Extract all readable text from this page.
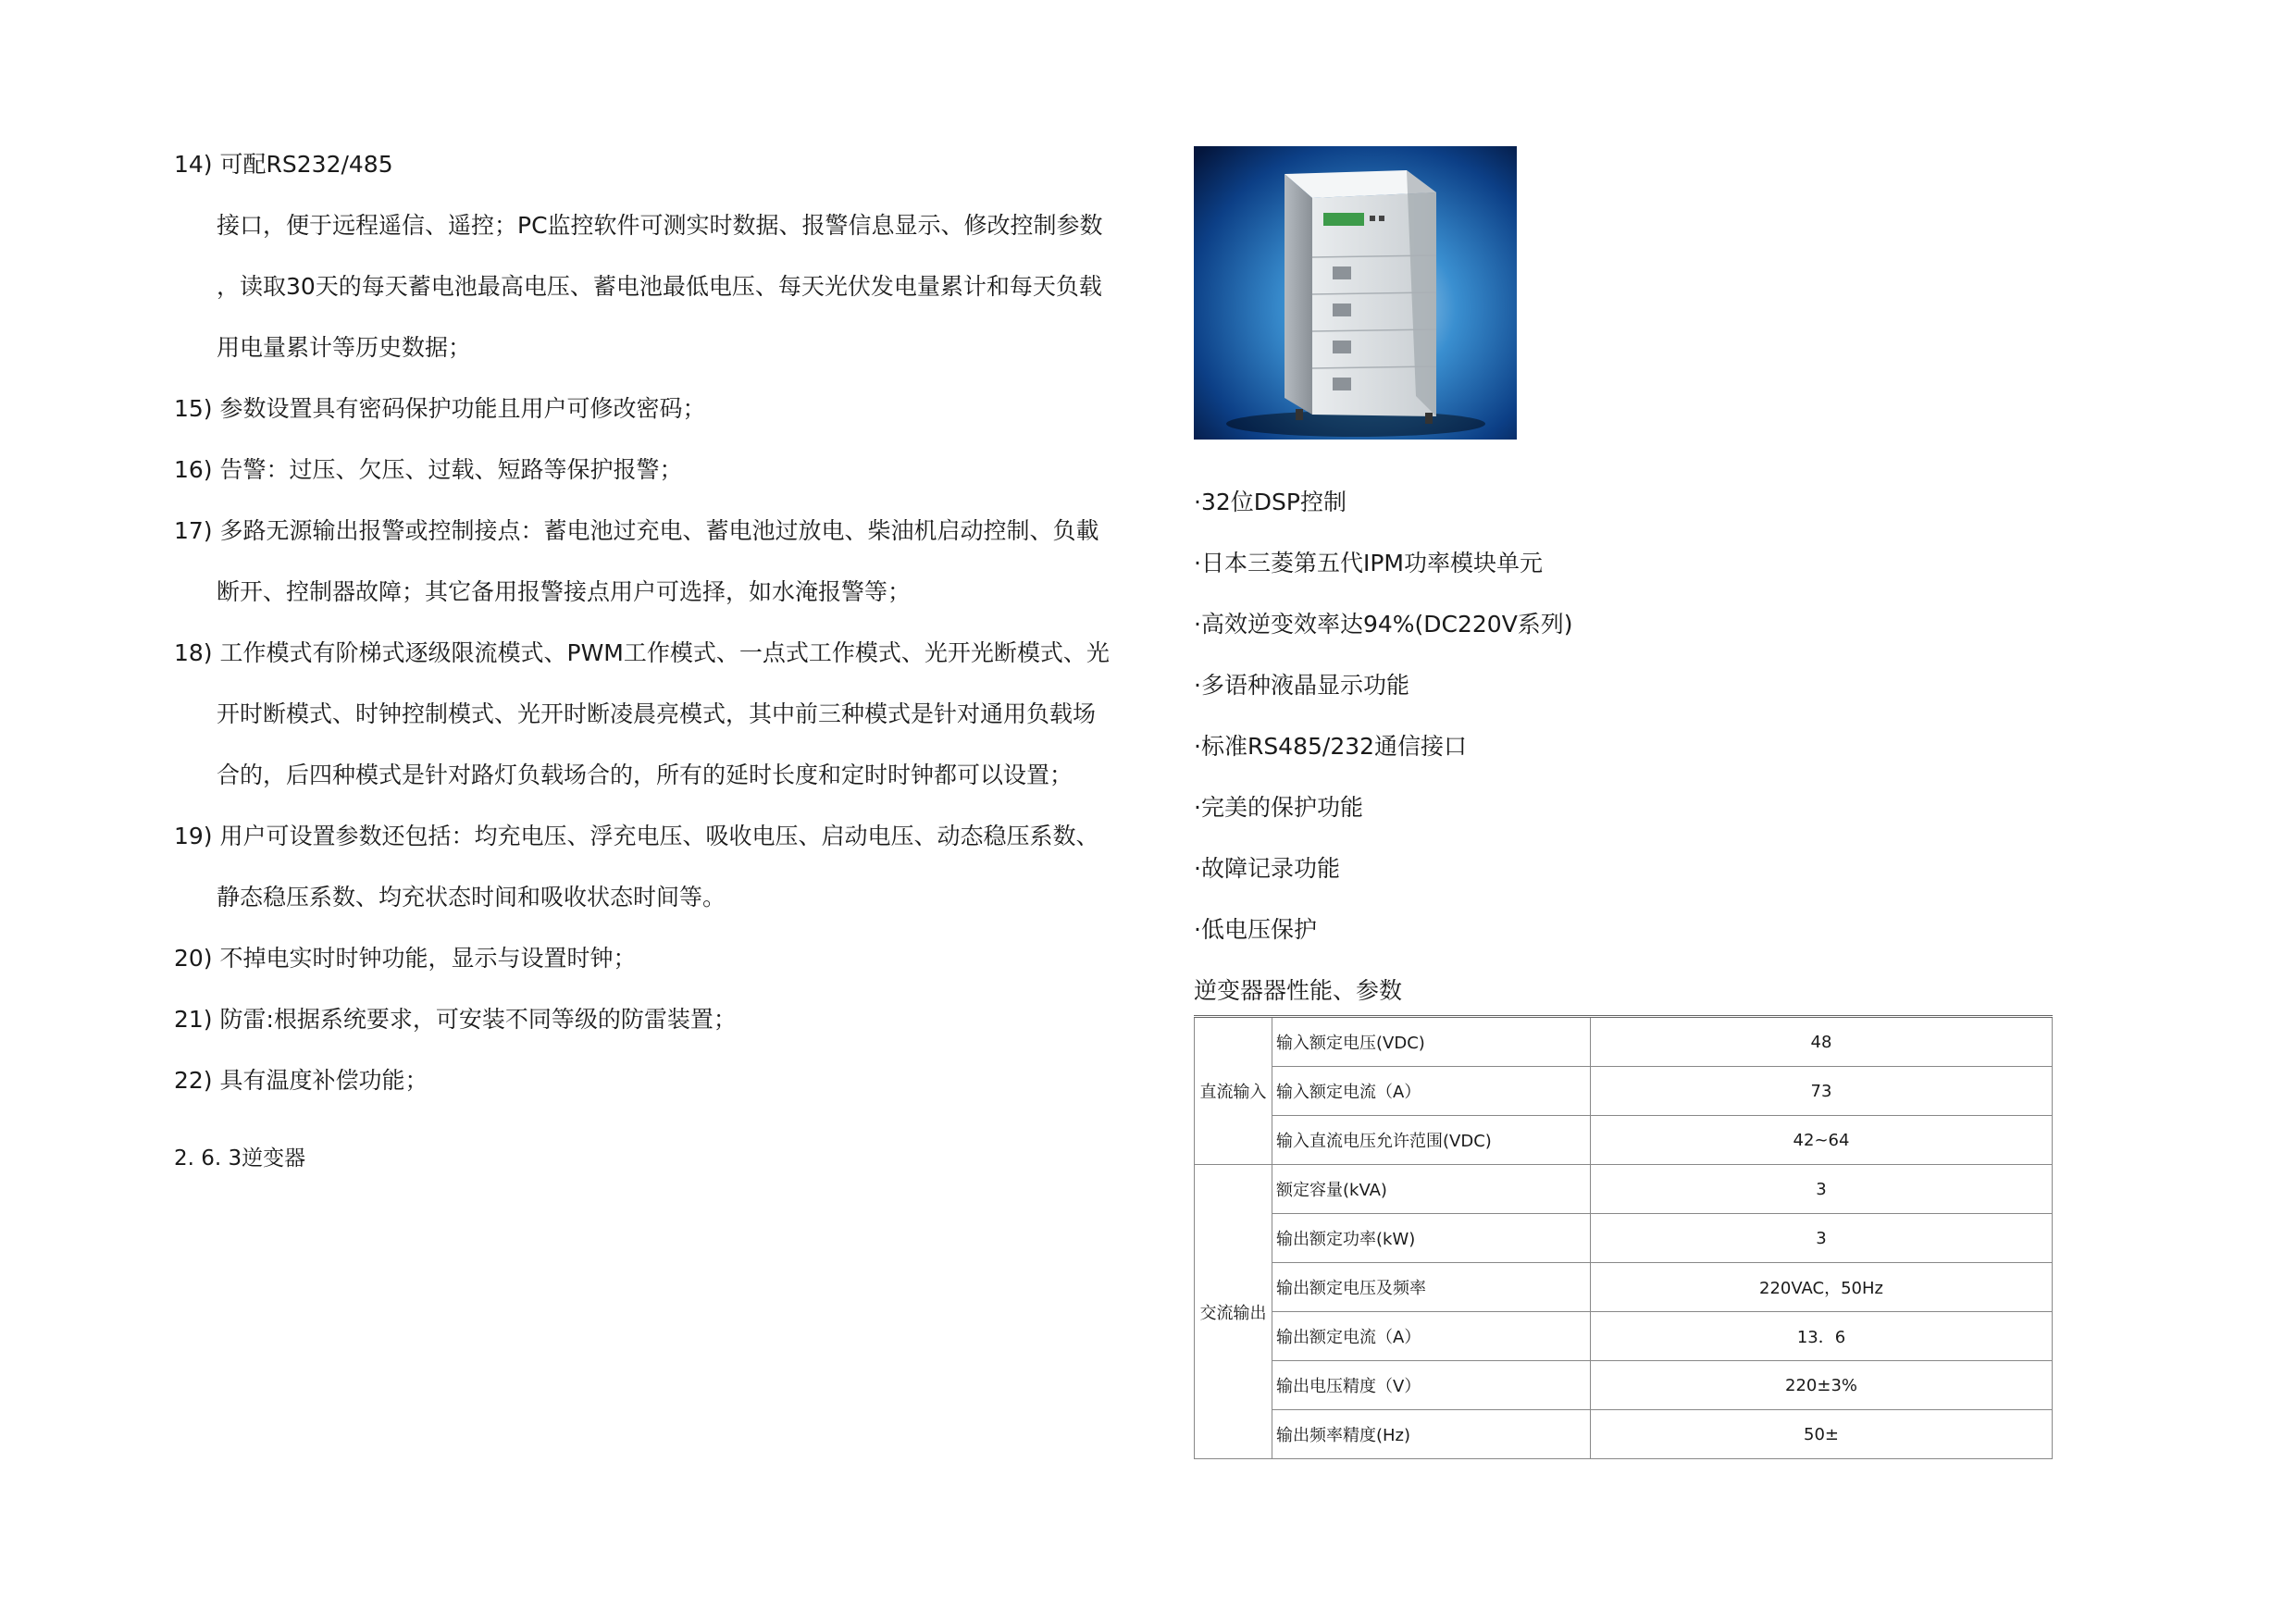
14) 可配RS232/485
接口，便于远程遥信、遥控；PC监控软件可测实时数据、报警信息显示、修改控制参数
，读取30天的每天蓄电池最高电压、蓄电池最低电压、每天光伏发电量累计和每天负载
用电量累计等历史数据；
15) 参数设置具有密码保护功能且用户可修改密码；
16) 告警：过压、欠压、过载、短路等保护报警；
17) 多路无源输出报警或控制接点：蓄电池过充电、蓄电池过放电、柴油机启动控制、负載
断开、控制器故障；其它备用报警接点用户可选择，如水淹报警等；
18) 工作模式有阶梯式逐级限流模式、PWM工作模式、一点式工作模式、光开光断模式、光
开时断模式、时钟控制模式、光开时断凌晨亮模式，其中前三种模式是针对通用负载场
合的，后四种模式是针对路灯负载场合的，所有的延时长度和定时时钟都可以设置；
19) 用户可设置参数还包括：均充电压、浮充电压、吸收电压、启动电压、动态稳压系数、
静态稳压系数、均充状态时间和吸收状态时间等。
20) 不掉电实时时钟功能，显示与设置时钟；
21) 防雷:根据系统要求，可安装不同等级的防雷装置；
22) 具有温度补偿功能；
2. 6. 3逆变器
·32位DSP控制
·日本三菱第五代IPM功率模块单元
·高效逆变效率达94%(DC220V系列)
·多语种液晶显示功能
·标准RS485/232通信接口
·完美的保护功能
·故障记录功能
·低电压保护
逆变器器性能、参数
直流输入	输入额定电压(VDC)	48
	输入额定电流（A）	73
	输入直流电压允许范围(VDC)	42~64
交流输出	额定容量(kVA)	3
	输出额定功率(kW)	3
	输出额定电压及频率	220VAC，50Hz
	输出额定电流（A）	13．6
	输出电压精度（V）	220±3%
	输出频率精度(Hz)	50±
